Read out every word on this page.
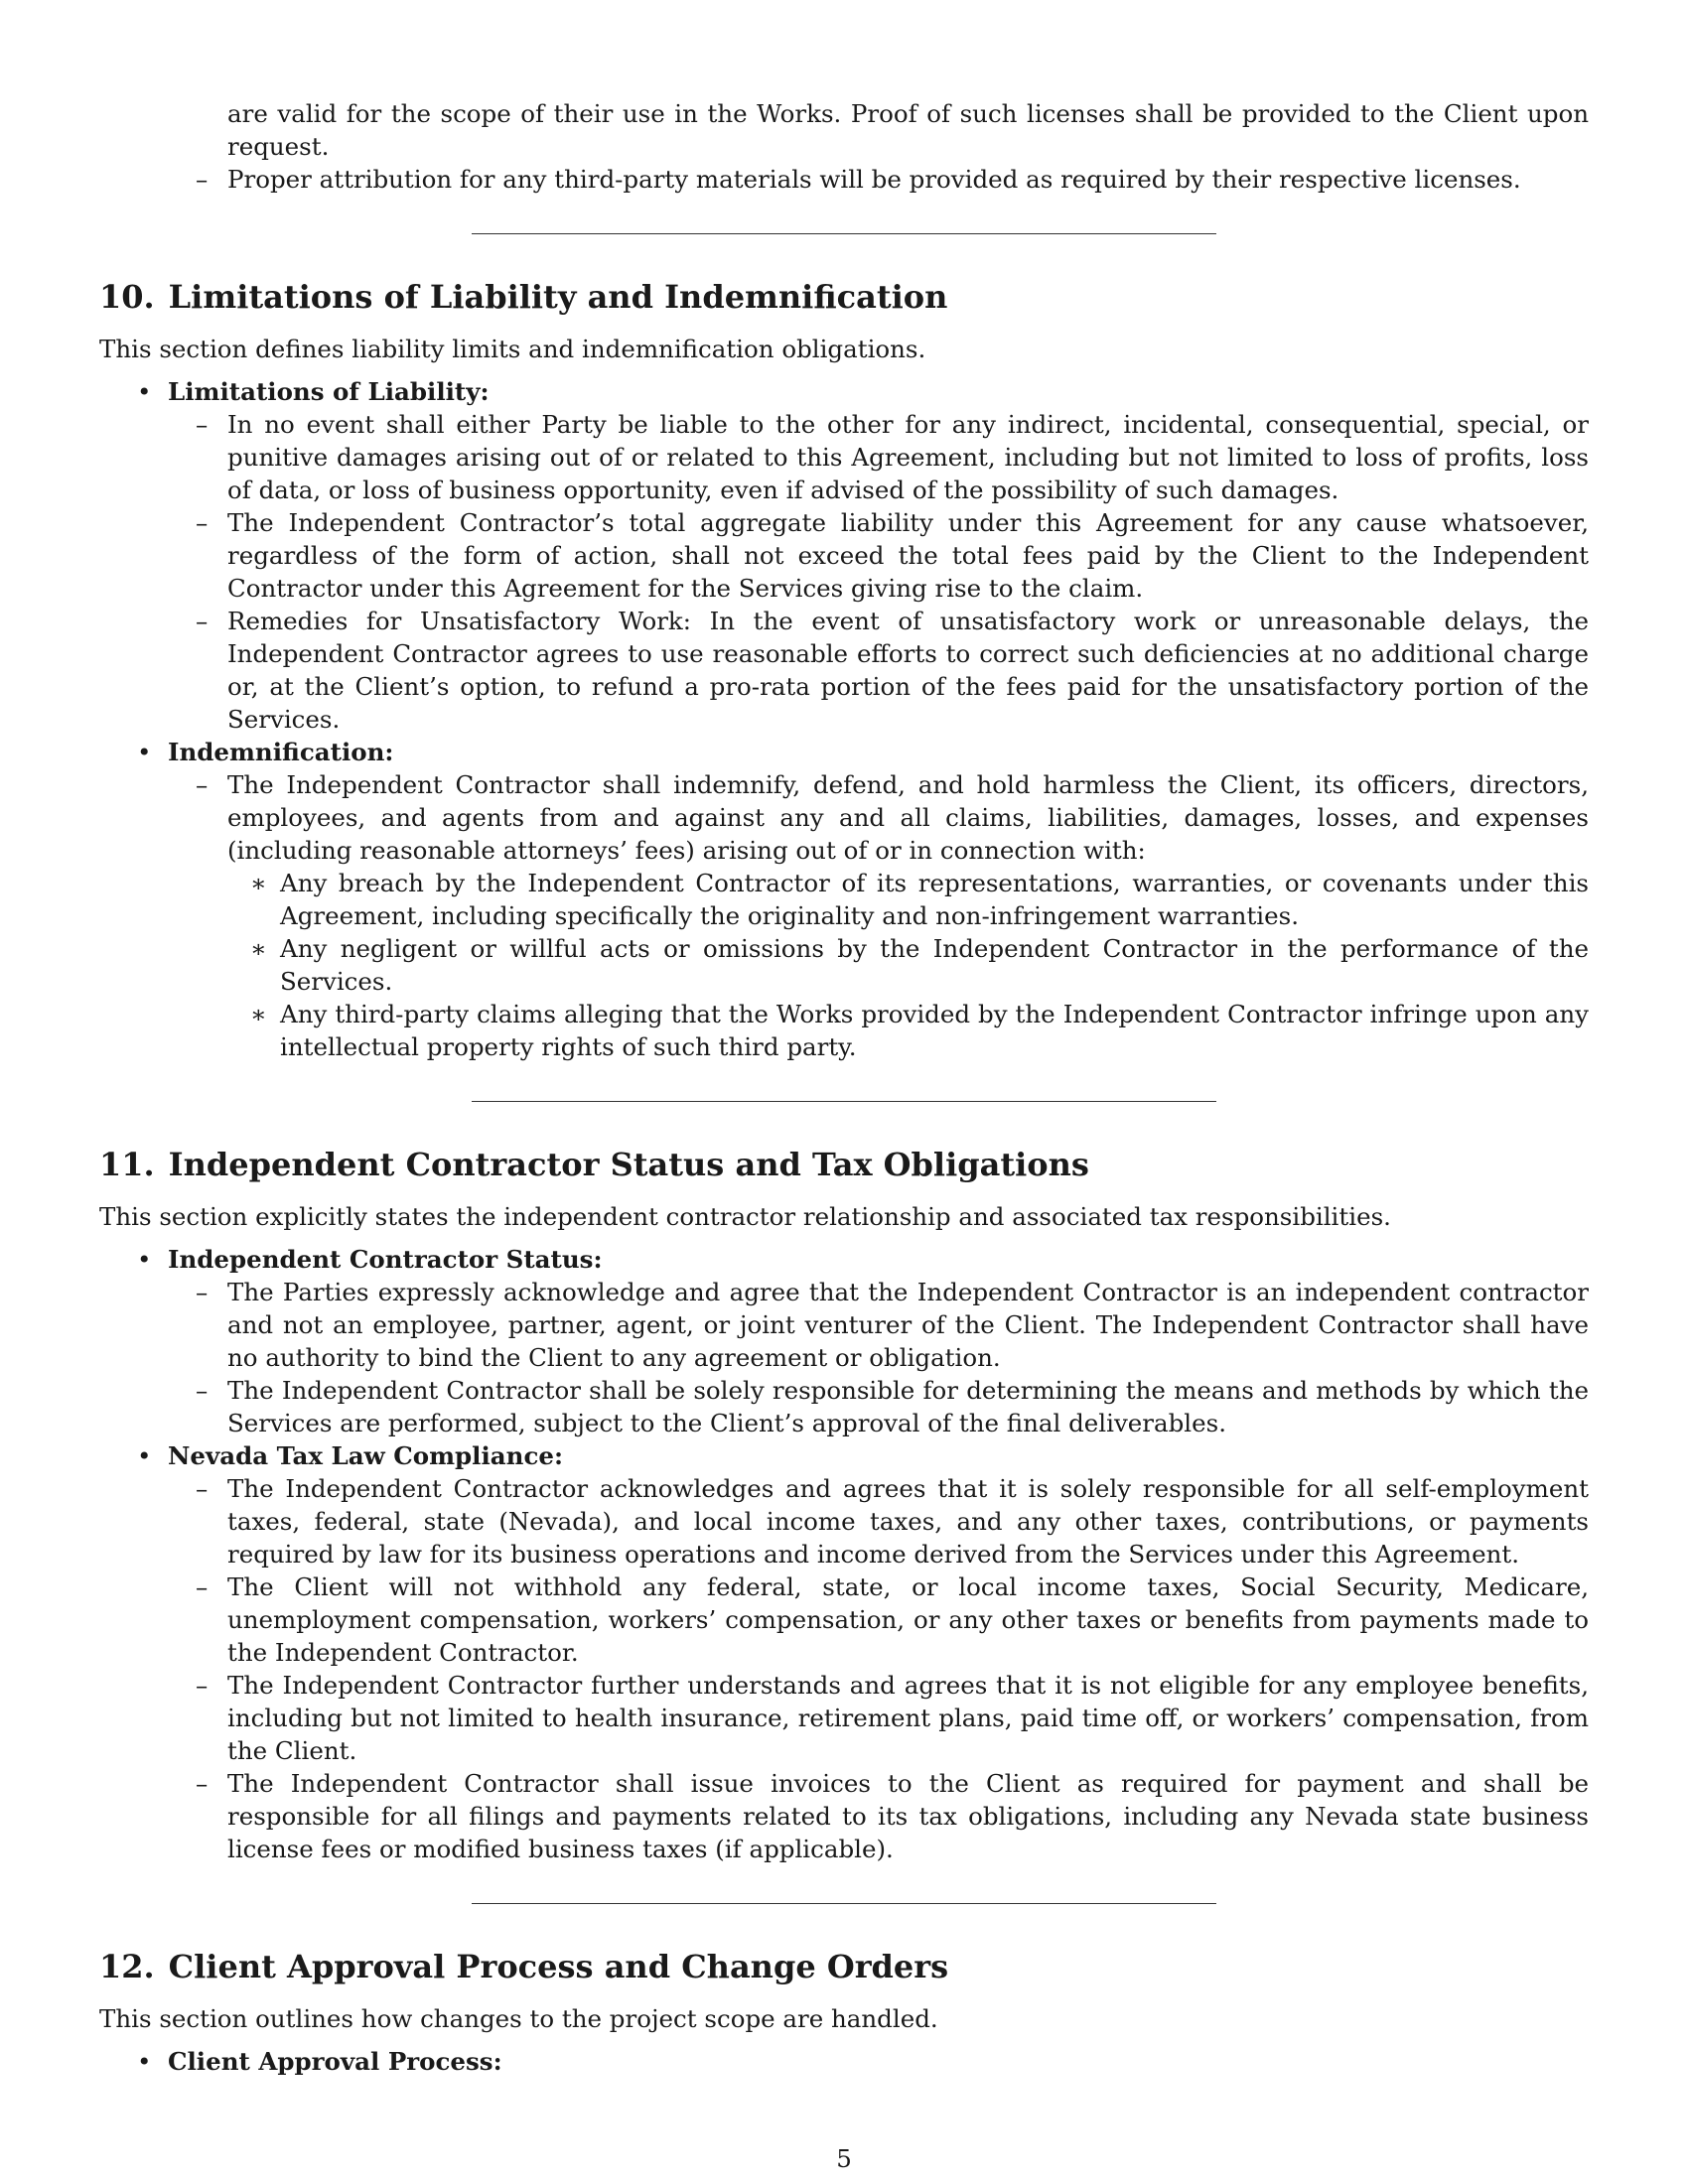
are valid for the scope of their use in the Works. Proof of such licenses shall be provided to the Client upon request.
– Proper attribution for any third-party materials will be provided as required by their respective licenses.
10. Limitations of Liability and Indemnification
This section defines liability limits and indemnification obligations.
• Limitations of Liability:
– In no event shall either Party be liable to the other for any indirect, incidental, consequential, special, or punitive damages arising out of or related to this Agreement, including but not limited to loss of profits, loss of data, or loss of business opportunity, even if advised of the possibility of such damages.
– The Independent Contractor’s total aggregate liability under this Agreement for any cause whatsoever, regardless of the form of action, shall not exceed the total fees paid by the Client to the Independent Contractor under this Agreement for the Services giving rise to the claim.
– Remedies for Unsatisfactory Work: In the event of unsatisfactory work or unreasonable delays, the Independent Contractor agrees to use reasonable efforts to correct such deficiencies at no additional charge or, at the Client’s option, to refund a pro-rata portion of the fees paid for the unsatisfactory portion of the Services.
• Indemnification:
– The Independent Contractor shall indemnify, defend, and hold harmless the Client, its officers, directors, employees, and agents from and against any and all claims, liabilities, damages, losses, and expenses (including reasonable attorneys’ fees) arising out of or in connection with:
∗ Any breach by the Independent Contractor of its representations, warranties, or covenants under this Agreement, including specifically the originality and non-infringement warranties.
∗ Any negligent or willful acts or omissions by the Independent Contractor in the performance of the Services.
∗ Any third-party claims alleging that the Works provided by the Independent Contractor infringe upon any intellectual property rights of such third party.
11. Independent Contractor Status and Tax Obligations
This section explicitly states the independent contractor relationship and associated tax responsibilities.
• Independent Contractor Status:
– The Parties expressly acknowledge and agree that the Independent Contractor is an independent contractor and not an employee, partner, agent, or joint venturer of the Client. The Independent Contractor shall have no authority to bind the Client to any agreement or obligation.
– The Independent Contractor shall be solely responsible for determining the means and methods by which the Services are performed, subject to the Client’s approval of the final deliverables.
• Nevada Tax Law Compliance:
– The Independent Contractor acknowledges and agrees that it is solely responsible for all self-employment taxes, federal, state (Nevada), and local income taxes, and any other taxes, contributions, or payments required by law for its business operations and income derived from the Services under this Agreement.
– The Client will not withhold any federal, state, or local income taxes, Social Security, Medicare, unemployment compensation, workers’ compensation, or any other taxes or benefits from payments made to the Independent Contractor.
– The Independent Contractor further understands and agrees that it is not eligible for any employee benefits, including but not limited to health insurance, retirement plans, paid time off, or workers’ compensation, from the Client.
– The Independent Contractor shall issue invoices to the Client as required for payment and shall be responsible for all filings and payments related to its tax obligations, including any Nevada state business license fees or modified business taxes (if applicable).
12. Client Approval Process and Change Orders
This section outlines how changes to the project scope are handled.
• Client Approval Process:
5
